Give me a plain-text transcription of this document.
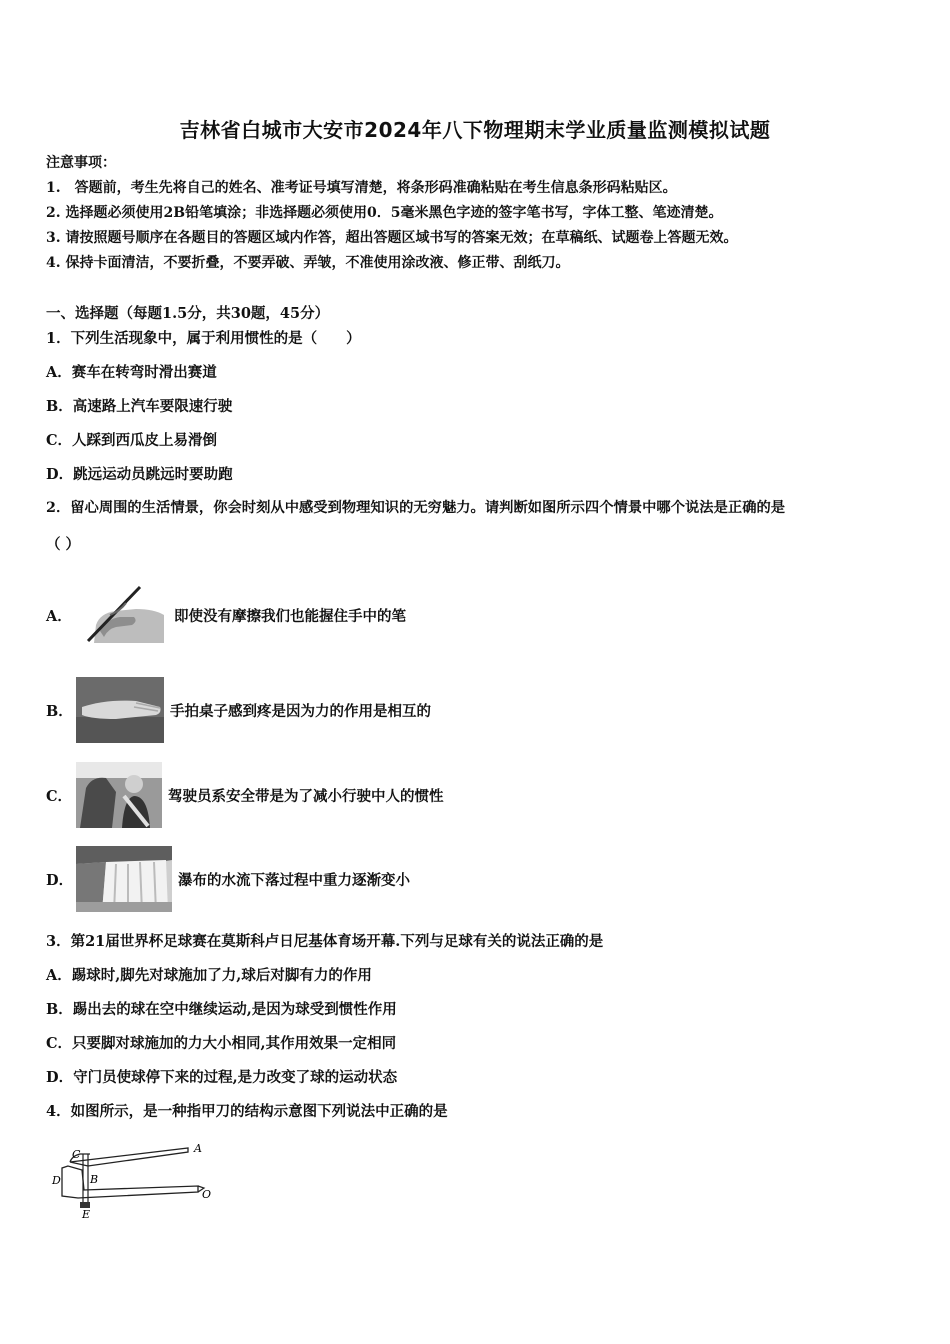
吉林省白城市大安市2024年八下物理期末学业质量监测模拟试题
注意事项：
1.　答题前，考生先将自己的姓名、准考证号填写清楚，将条形码准确粘贴在考生信息条形码粘贴区。
2. 选择题必须使用2B铅笔填涂；非选择题必须使用0．5毫米黑色字迹的签字笔书写，字体工整、笔迹清楚。
3. 请按照题号顺序在各题目的答题区域内作答，超出答题区域书写的答案无效；在草稿纸、试题卷上答题无效。
4. 保持卡面清洁，不要折叠，不要弄破、弄皱，不准使用涂改液、修正带、刮纸刀。
一、选择题（每题1.5分，共30题，45分）
1．下列生活现象中，属于利用惯性的是（　　）
A．赛车在转弯时滑出赛道
B．高速路上汽车要限速行驶
C．人踩到西瓜皮上易滑倒
D．跳远运动员跳远时要助跑
2．留心周围的生活情景，你会时刻从中感受到物理知识的无穷魅力。请判断如图所示四个情景中哪个说法是正确的是
（ ）
A．	即使没有摩擦我们也能握住手中的笔
B．	手拍桌子感到疼是因为力的作用是相互的
C．	驾驶员系安全带是为了减小行驶中人的惯性
D．	瀑布的水流下落过程中重力逐渐变小
3．第21届世界杯足球赛在莫斯科卢日尼基体育场开幕.下列与足球有关的说法正确的是
A．踢球时,脚先对球施加了力,球后对脚有力的作用
B．踢出去的球在空中继续运动,是因为球受到惯性作用
C．只要脚对球施加的力大小相同,其作用效果一定相同
D．守门员使球停下来的过程,是力改变了球的运动状态
4．如图所示，是一种指甲刀的结构示意图下列说法中正确的是
A
B
C
D
E
O
